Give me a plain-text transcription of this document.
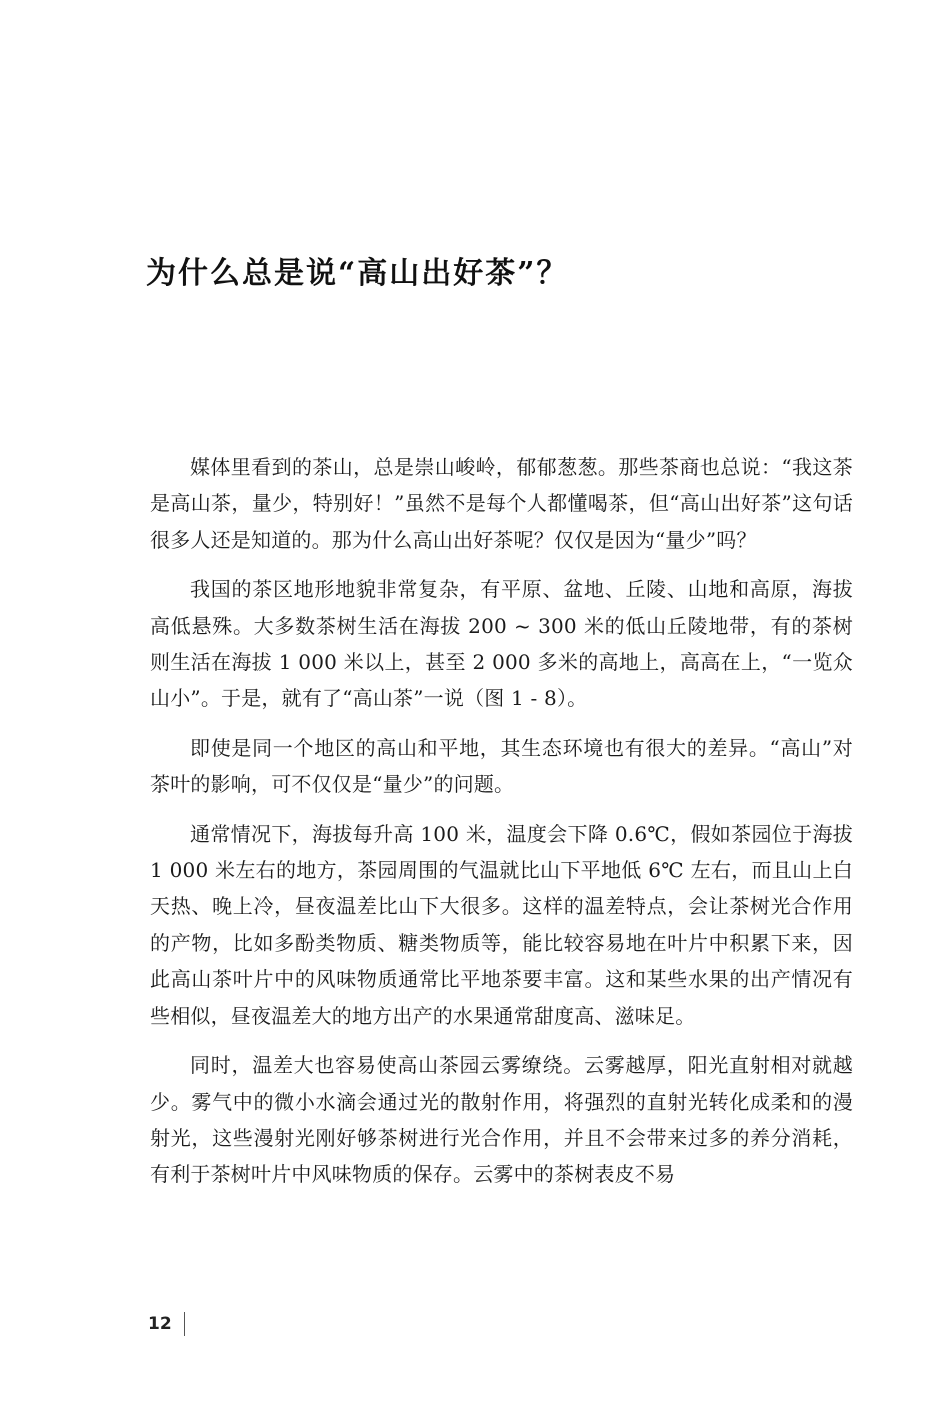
为什么总是说“高山出好茶”？

媒体里看到的茶山，总是崇山峻岭，郁郁葱葱。那些茶商也总说：“我这茶是高山茶，量少，特别好！”虽然不是每个人都懂喝茶，但“高山出好茶”这句话很多人还是知道的。那为什么高山出好茶呢？仅仅是因为“量少”吗？

我国的茶区地形地貌非常复杂，有平原、盆地、丘陵、山地和高原，海拔高低悬殊。大多数茶树生活在海拔 200 ~ 300 米的低山丘陵地带，有的茶树则生活在海拔 1 000 米以上，甚至 2 000 多米的高地上，高高在上，“一览众山小”。于是，就有了“高山茶”一说（图 1 - 8）。

即使是同一个地区的高山和平地，其生态环境也有很大的差异。“高山”对茶叶的影响，可不仅仅是“量少”的问题。

通常情况下，海拔每升高 100 米，温度会下降 0.6℃，假如茶园位于海拔 1 000 米左右的地方，茶园周围的气温就比山下平地低 6℃ 左右，而且山上白天热、晚上冷，昼夜温差比山下大很多。这样的温差特点，会让茶树光合作用的产物，比如多酚类物质、糖类物质等，能比较容易地在叶片中积累下来，因此高山茶叶片中的风味物质通常比平地茶要丰富。这和某些水果的出产情况有些相似，昼夜温差大的地方出产的水果通常甜度高、滋味足。

同时，温差大也容易使高山茶园云雾缭绕。云雾越厚，阳光直射相对就越少。雾气中的微小水滴会通过光的散射作用，将强烈的直射光转化成柔和的漫射光，这些漫射光刚好够茶树进行光合作用，并且不会带来过多的养分消耗，有利于茶树叶片中风味物质的保存。云雾中的茶树表皮不易

12
